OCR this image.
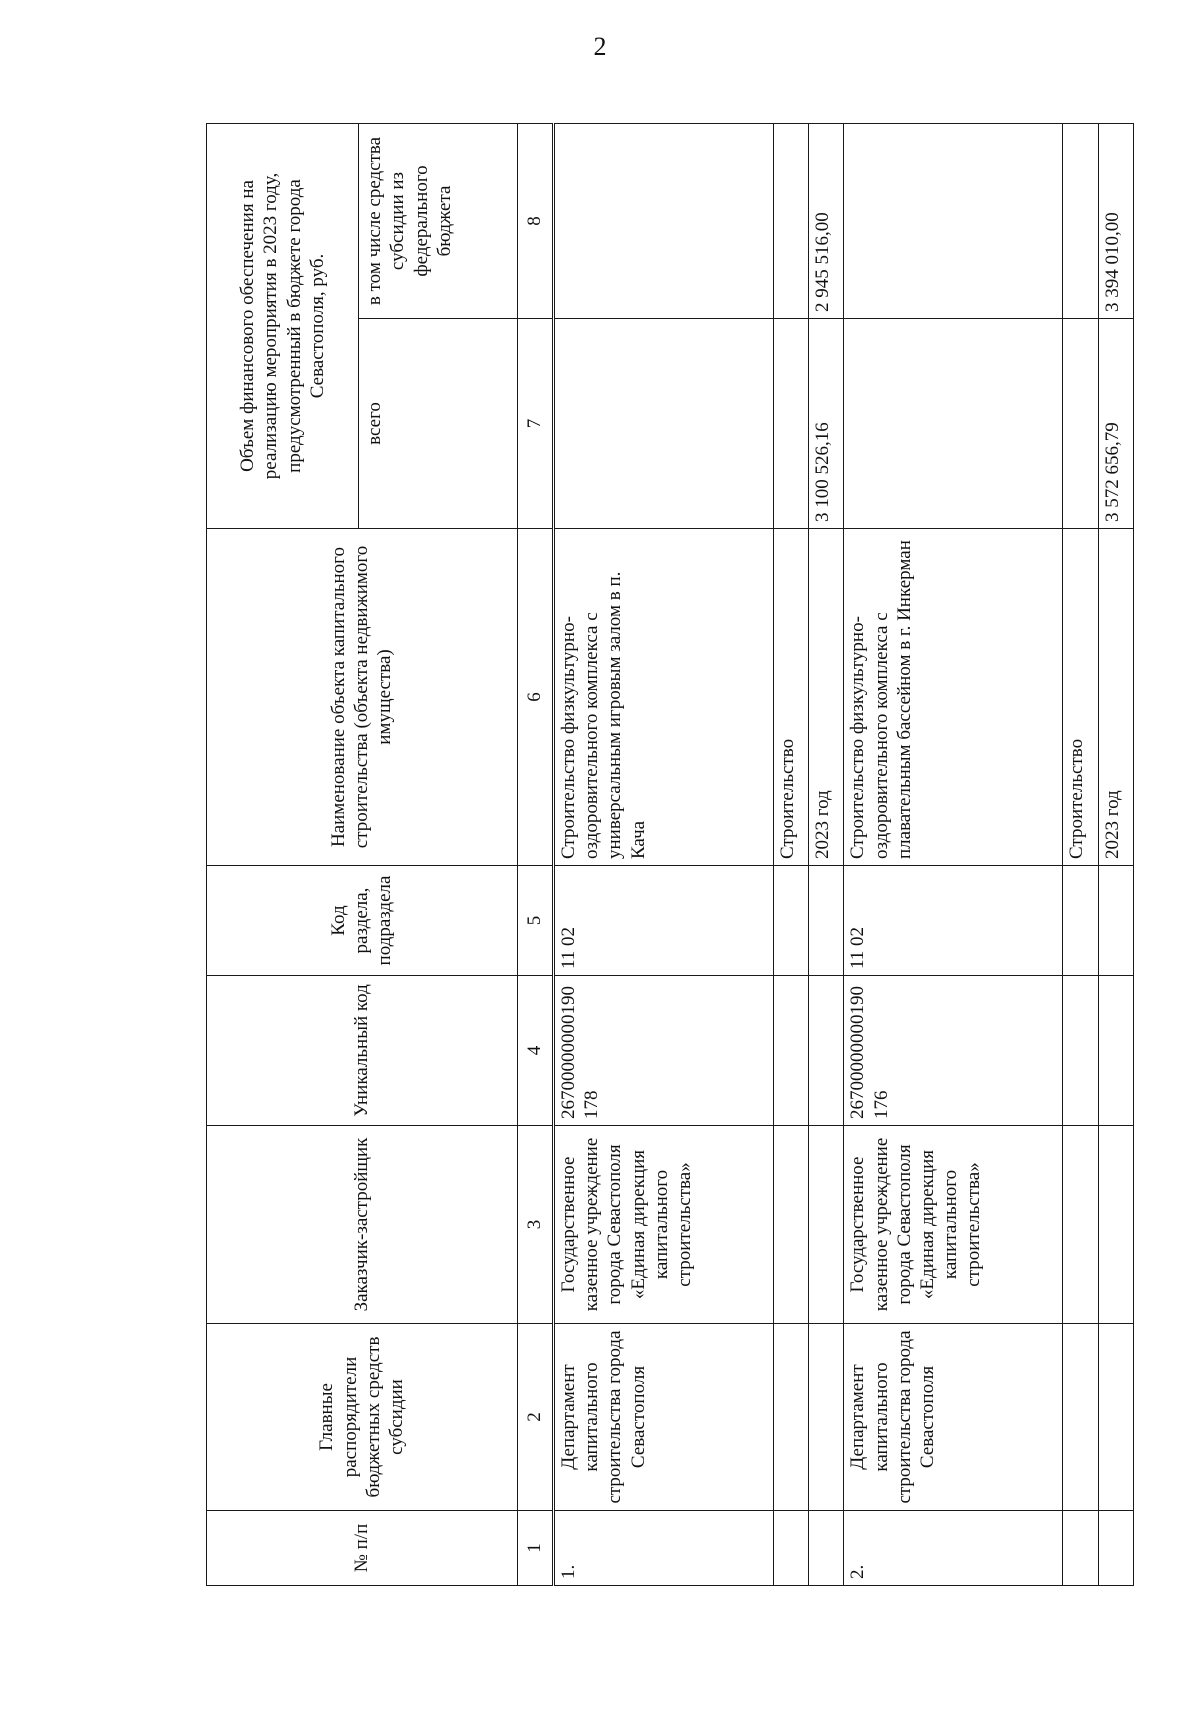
2
№ п/п	Главные распорядители бюджетных средств субсидии	Заказчик-застройщик	Уникальный код	Код раздела, подраздела	Наименование объекта капитального строительства (объекта недвижимого имущества)	Объем финансового обеспечения на реализацию мероприятия в 2023 году, предусмотренный в бюджете города Севастополя, руб.	
						всего	в том числе средства субсидии из федерального бюджета
1	2	3	4	5	6	7	8
1.	Департамент капитального строительства города Севастополя	Государственное казенное учреждение города Севастополя «Единая дирекция капитального строительства»	26700000000190178	11 02	Строительство физкультурно-оздоровительного комплекса с универсальным игровым залом в п. Кача		
					Строительство		
					2023 год	3 100 526,16	2 945 516,00
2.	Департамент капитального строительства города Севастополя	Государственное казенное учреждение города Севастополя «Единая дирекция капитального строительства»	26700000000190176	11 02	Строительство физкультурно-оздоровительного комплекса с плавательным бассейном в г. Инкерман		
					Строительство		
					2023 год	3 572 656,79	3 394 010,00
